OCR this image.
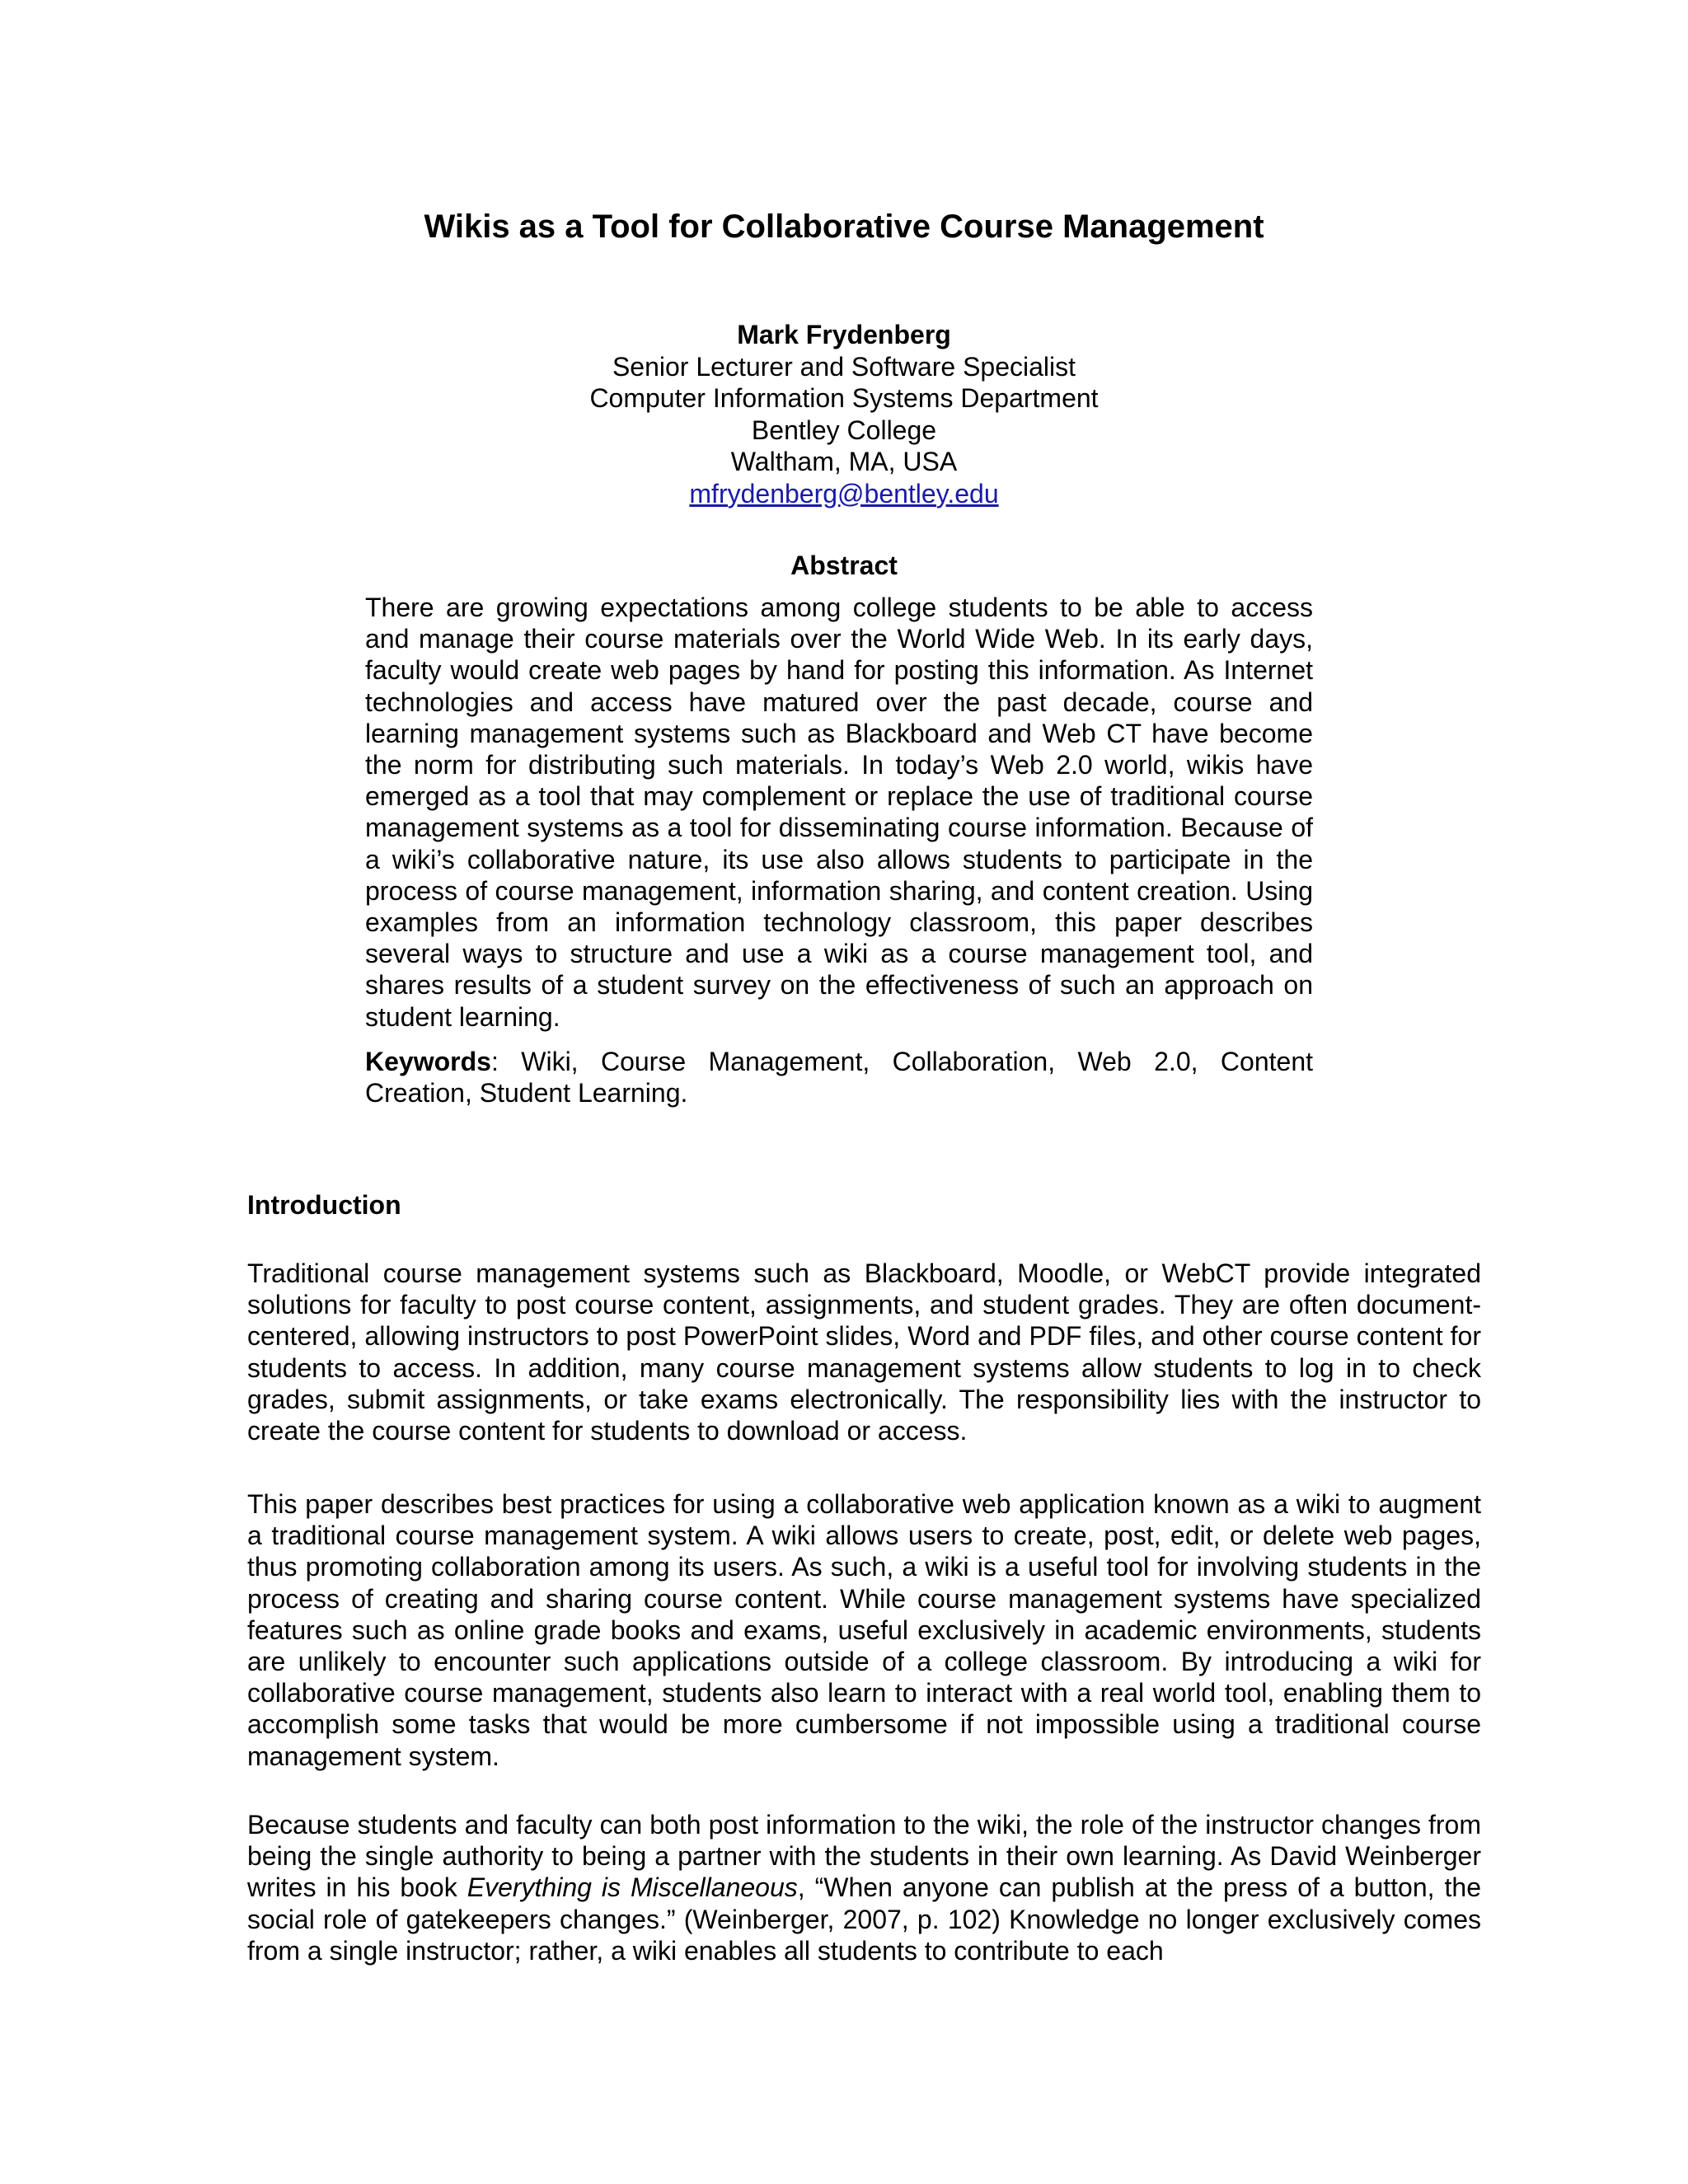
Wikis as a Tool for Collaborative Course Management
Mark Frydenberg
Senior Lecturer and Software Specialist
Computer Information Systems Department
Bentley College
Waltham, MA, USA
mfrydenberg@bentley.edu
Abstract

There are growing expectations among college students to be able to access and manage their course materials over the World Wide Web. In its early days, faculty would create web pages by hand for posting this information. As Internet technologies and access have matured over the past decade, course and learning management systems such as Blackboard and Web CT have become the norm for distributing such materials. In today’s Web 2.0 world, wikis have emerged as a tool that may complement or replace the use of traditional course management systems as a tool for disseminating course information. Because of a wiki’s collaborative nature, its use also allows students to participate in the process of course management, information sharing, and content creation. Using examples from an information technology classroom, this paper describes several ways to structure and use a wiki as a course management tool, and shares results of a student survey on the effectiveness of such an approach on student learning.

Keywords: Wiki, Course Management, Collaboration, Web 2.0, Content Creation, Student Learning.

Introduction

Traditional course management systems such as Blackboard, Moodle, or WebCT provide integrated solutions for faculty to post course content, assignments, and student grades. They are often document-centered, allowing instructors to post PowerPoint slides, Word and PDF files, and other course content for students to access. In addition, many course management systems allow students to log in to check grades, submit assignments, or take exams electronically. The responsibility lies with the instructor to create the course content for students to download or access.

This paper describes best practices for using a collaborative web application known as a wiki to augment a traditional course management system. A wiki allows users to create, post, edit, or delete web pages, thus promoting collaboration among its users. As such, a wiki is a useful tool for involving students in the process of creating and sharing course content. While course management systems have specialized features such as online grade books and exams, useful exclusively in academic environments, students are unlikely to encounter such applications outside of a college classroom. By introducing a wiki for collaborative course management, students also learn to interact with a real world tool, enabling them to accomplish some tasks that would be more cumbersome if not impossible using a traditional course management system.

Because students and faculty can both post information to the wiki, the role of the instructor changes from being the single authority to being a partner with the students in their own learning. As David Weinberger writes in his book Everything is Miscellaneous, “When anyone can publish at the press of a button, the social role of gatekeepers changes.” (Weinberger, 2007, p. 102) Knowledge no longer exclusively comes from a single instructor; rather, a wiki enables all students to contribute to each
